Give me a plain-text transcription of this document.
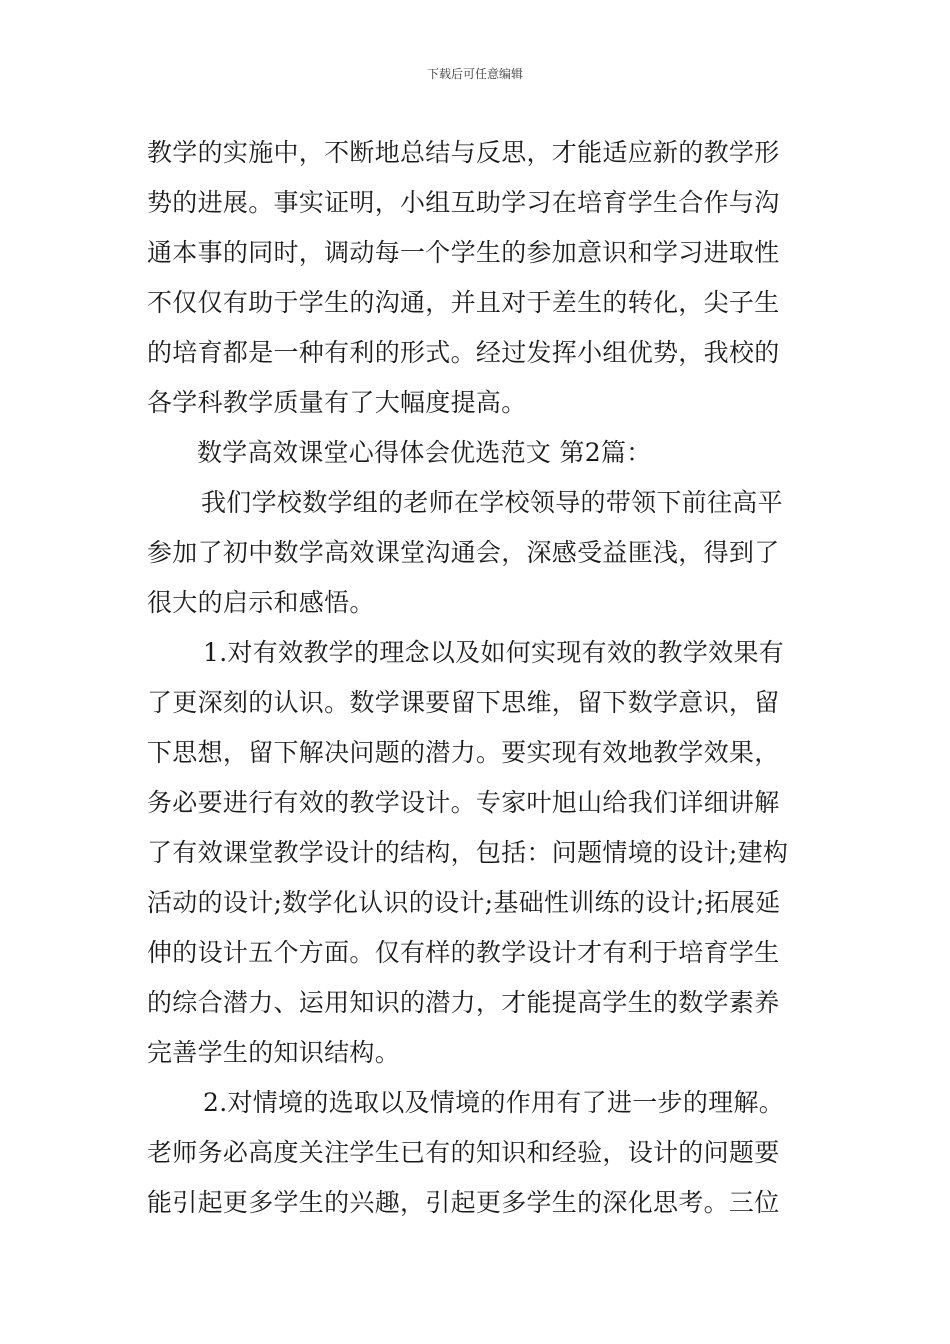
下载后可任意编辑
教学的实施中，不断地总结与反思，才能适应新的教学形
势的进展。事实证明，小组互助学习在培育学生合作与沟
通本事的同时，调动每一个学生的参加意识和学习进取性
不仅仅有助于学生的沟通，并且对于差生的转化，尖子生
的培育都是一种有利的形式。经过发挥小组优势，我校的
各学科教学质量有了大幅度提高。
数学高效课堂心得体会优选范文 第2篇：
我们学校数学组的老师在学校领导的带领下前往高平
参加了初中数学高效课堂沟通会，深感受益匪浅，得到了
很大的启示和感悟。
1.对有效教学的理念以及如何实现有效的教学效果有
了更深刻的认识。数学课要留下思维，留下数学意识，留
下思想，留下解决问题的潜力。要实现有效地教学效果，
务必要进行有效的教学设计。专家叶旭山给我们详细讲解
了有效课堂教学设计的结构，包括：问题情境的设计;建构
活动的设计;数学化认识的设计;基础性训练的设计;拓展延
伸的设计五个方面。仅有样的教学设计才有利于培育学生
的综合潜力、运用知识的潜力，才能提高学生的数学素养
完善学生的知识结构。
2.对情境的选取以及情境的作用有了进一步的理解。
老师务必高度关注学生已有的知识和经验，设计的问题要
能引起更多学生的兴趣，引起更多学生的深化思考。三位
